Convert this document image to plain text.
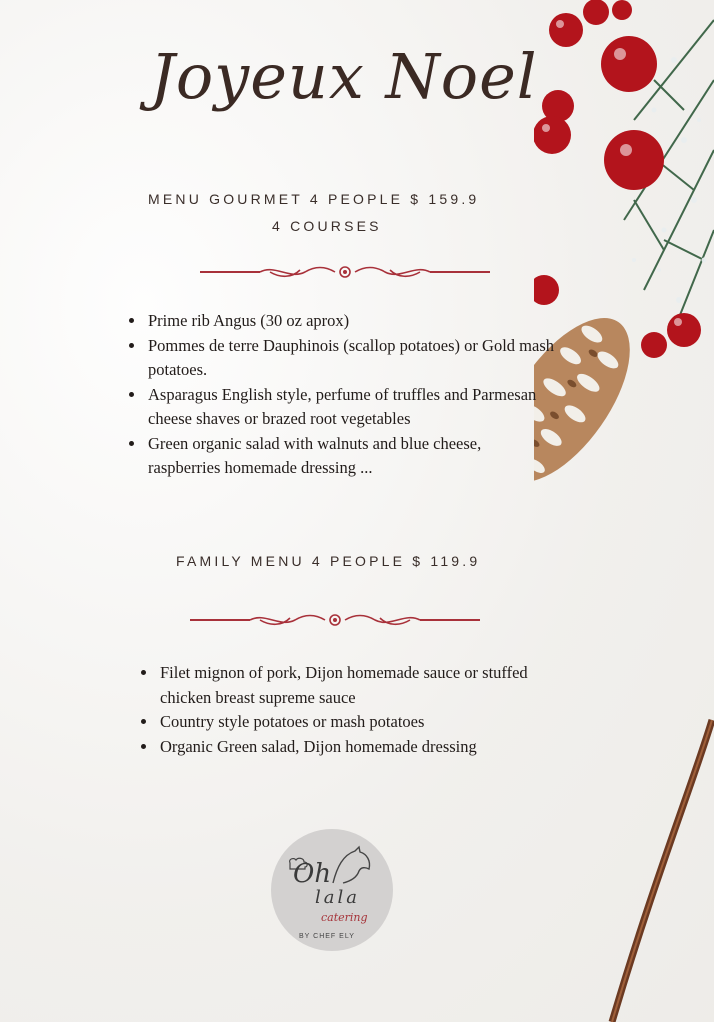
Joyeux Noel
MENU GOURMET 4 PEOPLE $ 159.9
4 COURSES
• Prime rib Angus (30 oz aprox)
• Pommes de terre Dauphinois (scallop potatoes) or Gold mash potatoes.
• Asparagus English style, perfume of truffles and Parmesan cheese shaves or brazed root vegetables
• Green organic salad with walnuts and blue cheese, raspberries homemade dressing ...
FAMILY MENU 4 PEOPLE $ 119.9
• Filet mignon of pork, Dijon homemade sauce or stuffed chicken breast supreme sauce
• Country style potatoes or mash potatoes
• Organic Green salad, Dijon homemade dressing
Oh
lala
catering
BY CHEF ELY
